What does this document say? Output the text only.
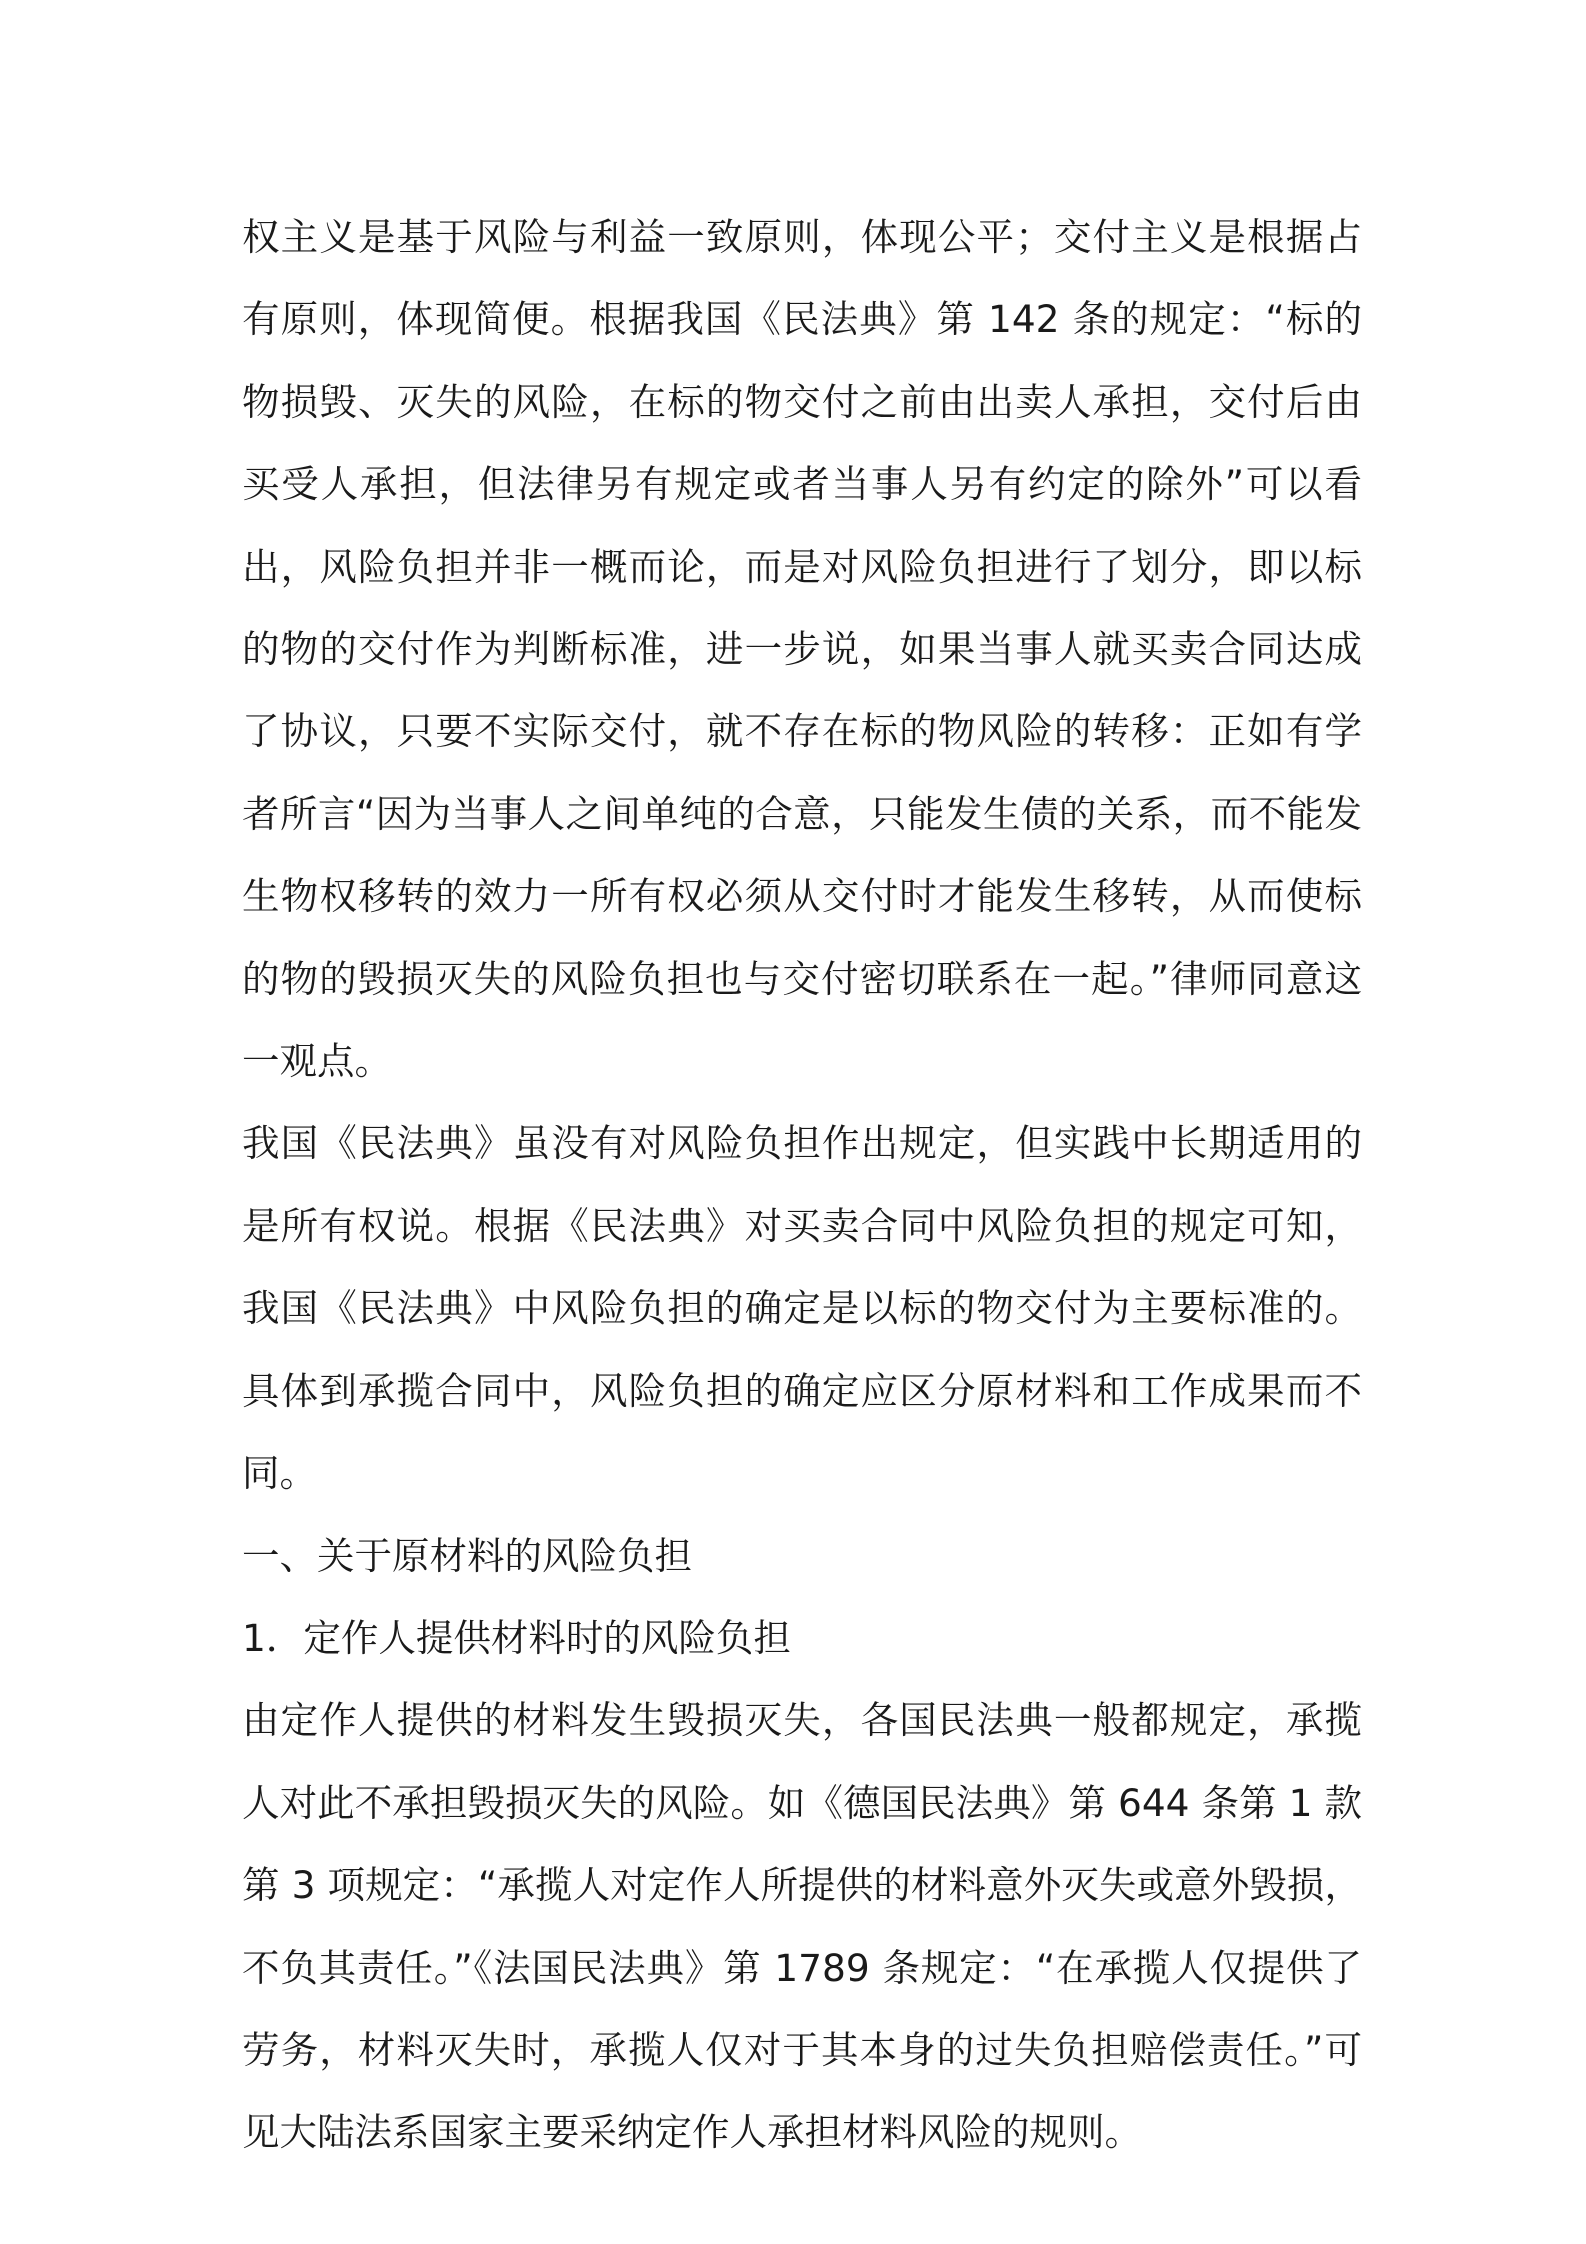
权主义是基于风险与利益一致原则，体现公平；交付主义是根据占有原则，体现简便。根据我国《民法典》第 142 条的规定：“标的物损毁、灭失的风险，在标的物交付之前由出卖人承担，交付后由买受人承担，但法律另有规定或者当事人另有约定的除外”可以看出，风险负担并非一概而论，而是对风险负担进行了划分，即以标的物的交付作为判断标准，进一步说，如果当事人就买卖合同达成了协议，只要不实际交付，就不存在标的物风险的转移：正如有学者所言“因为当事人之间单纯的合意，只能发生债的关系，而不能发生物权移转的效力一所有权必须从交付时才能发生移转，从而使标的物的毁损灭失的风险负担也与交付密切联系在一起。”律师同意这一观点。

我国《民法典》虽没有对风险负担作出规定，但实践中长期适用的是所有权说。根据《民法典》对买卖合同中风险负担的规定可知，我国《民法典》中风险负担的确定是以标的物交付为主要标准的。具体到承揽合同中，风险负担的确定应区分原材料和工作成果而不同。

一、关于原材料的风险负担

1．定作人提供材料时的风险负担

由定作人提供的材料发生毁损灭失，各国民法典一般都规定，承揽人对此不承担毁损灭失的风险。如《德国民法典》第 644 条第 1 款第 3 项规定：“承揽人对定作人所提供的材料意外灭失或意外毁损，不负其责任。”《法国民法典》第 1789 条规定：“在承揽人仅提供了劳务，材料灭失时，承揽人仅对于其本身的过失负担赔偿责任。”可见大陆法系国家主要采纳定作人承担材料风险的规则。
